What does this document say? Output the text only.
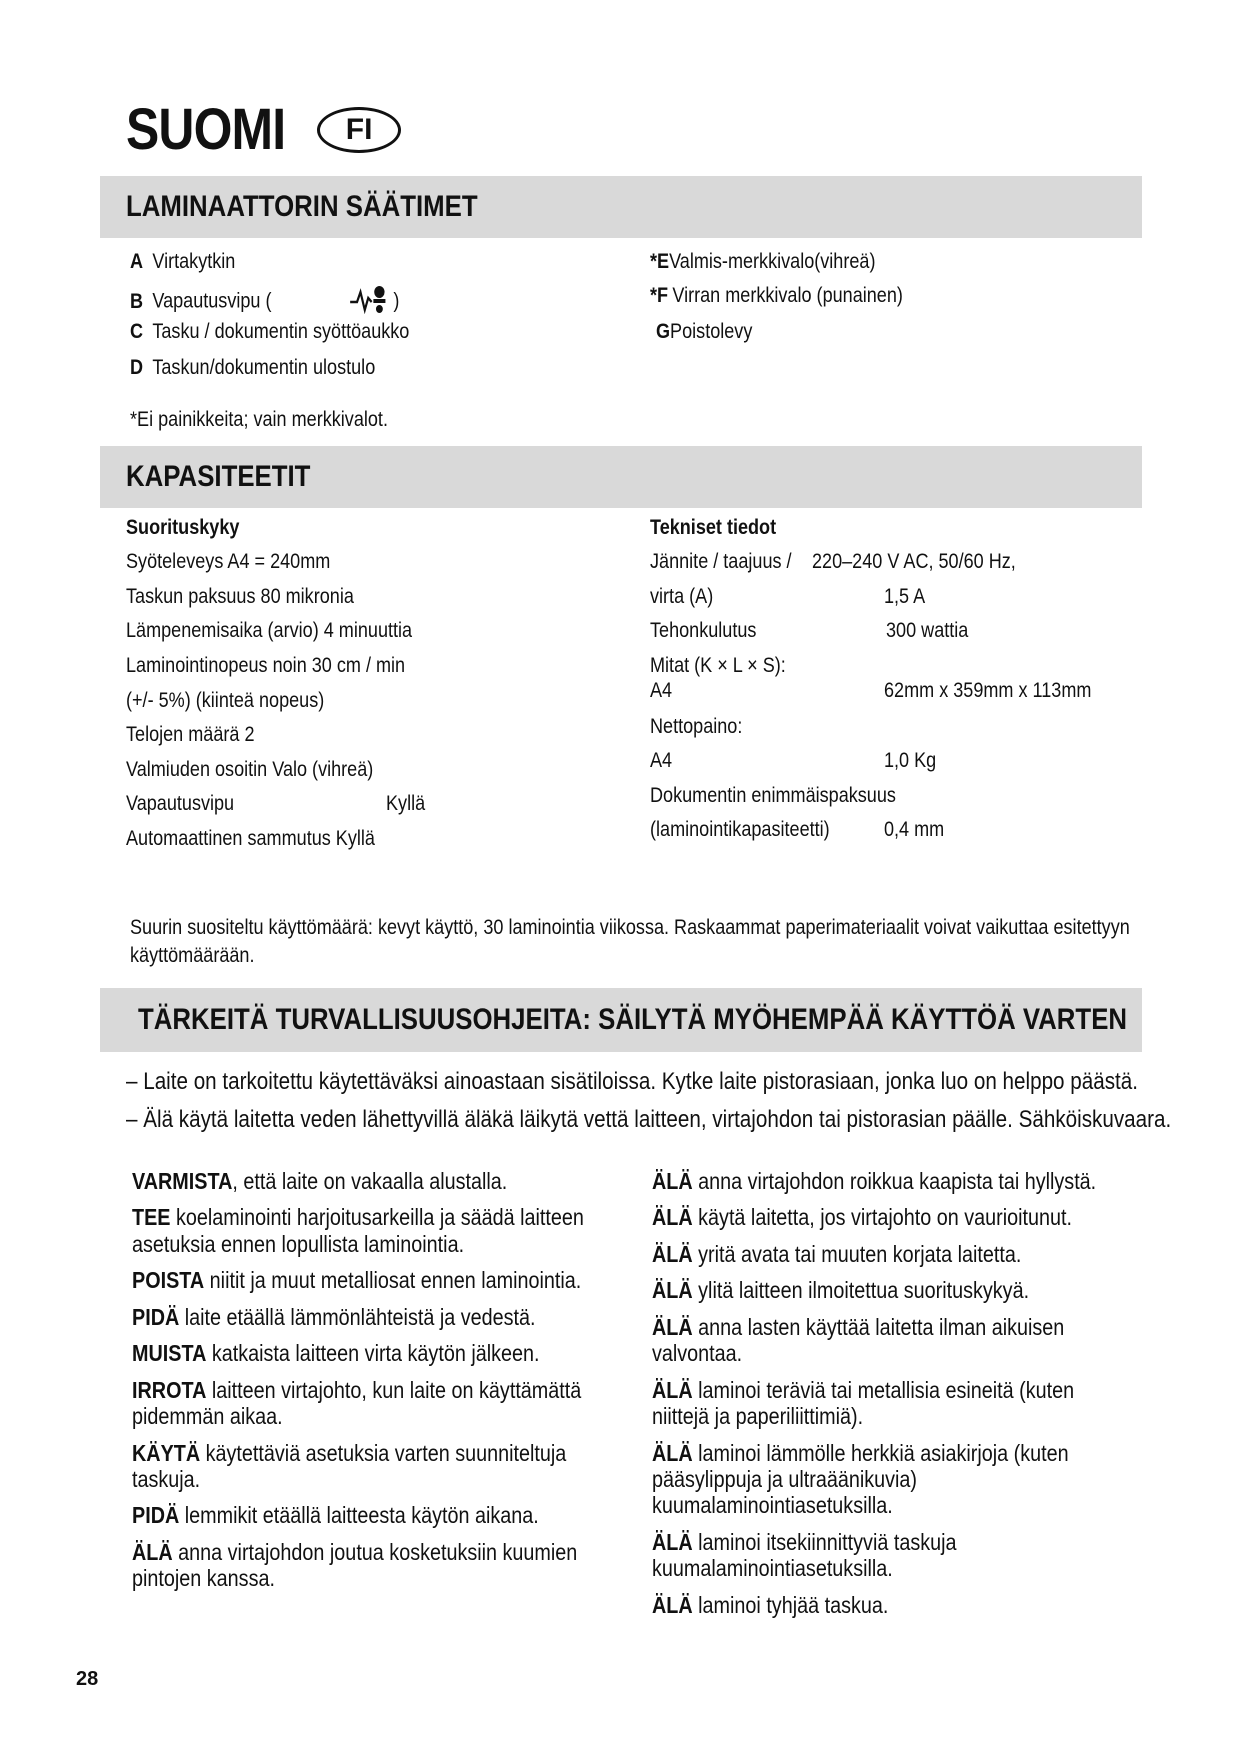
SUOMI	FI
LAMINAATTORIN SÄÄTIMET
A Virtakytkin
B Vapautusvipu (	)
C Tasku / dokumentin syöttöaukko
D Taskun/dokumentin ulostulo
*EValmis-merkkivalo(vihreä)
*F Virran merkkivalo (punainen)
GPoistolevy
*Ei painikkeita; vain merkkivalot.
KAPASITEETIT
Suorituskyky
Syöteleveys A4 = 240mm
Taskun paksuus 80 mikronia
Lämpenemisaika (arvio) 4 minuuttia
Laminointinopeus noin 30 cm / min
(+/- 5%) (kiinteä nopeus)
Telojen määrä 2
Valmiuden osoitin Valo (vihreä)
Vapautusvipu	Kyllä
Automaattinen sammutus Kyllä
Tekniset tiedot
Jännite / taajuus / 220–240 V AC, 50/60 Hz,
virta (A)	1,5 A
Tehonkulutus	300 wattia
Mitat (K × L × S):
A4	62mm x 359mm x 113mm
Nettopaino:
A4	1,0 Kg
Dokumentin enimmäispaksuus
(laminointikapasiteetti)	0,4 mm
Suurin suositeltu käyttömäärä: kevyt käyttö, 30 laminointia viikossa. Raskaammat paperimateriaalit voivat vaikuttaa esitettyyn
käyttömäärään.
TÄRKEITÄ TURVALLISUUSOHJEITA: SÄILYTÄ MYÖHEMPÄÄ KÄYTTÖÄ VARTEN
– Laite on tarkoitettu käytettäväksi ainoastaan sisätiloissa. Kytke laite pistorasiaan, jonka luo on helppo päästä.
– Älä käytä laitetta veden lähettyvillä äläkä läikytä vettä laitteen, virtajohdon tai pistorasian päälle. Sähköiskuvaara.

VARMISTA, että laite on vakaalla alustalla.

TEE koelaminointi harjoitusarkeilla ja säädä laitteen asetuksia ennen lopullista laminointia.

POISTA niitit ja muut metalliosat ennen laminointia.

PIDÄ laite etäällä lämmönlähteistä ja vedestä.

MUISTA katkaista laitteen virta käytön jälkeen.

IRROTA laitteen virtajohto, kun laite on käyttämättä pidemmän aikaa.

KÄYTÄ käytettäviä asetuksia varten suunniteltuja taskuja.

PIDÄ lemmikit etäällä laitteesta käytön aikana.

ÄLÄ anna virtajohdon joutua kosketuksiin kuumien pintojen kanssa.

ÄLÄ anna virtajohdon roikkua kaapista tai hyllystä.

ÄLÄ käytä laitetta, jos virtajohto on vaurioitunut.

ÄLÄ yritä avata tai muuten korjata laitetta.

ÄLÄ ylitä laitteen ilmoitettua suorituskykyä.

ÄLÄ anna lasten käyttää laitetta ilman aikuisen valvontaa.

ÄLÄ laminoi teräviä tai metallisia esineitä (kuten niittejä ja paperiliittimiä).

ÄLÄ laminoi lämmölle herkkiä asiakirjoja (kuten pääsylippuja ja ultraäänikuvia) kuumalaminointiasetuksilla.

ÄLÄ laminoi itsekiinnittyviä taskuja kuumalaminointiasetuksilla.

ÄLÄ laminoi tyhjää taskua.

28
